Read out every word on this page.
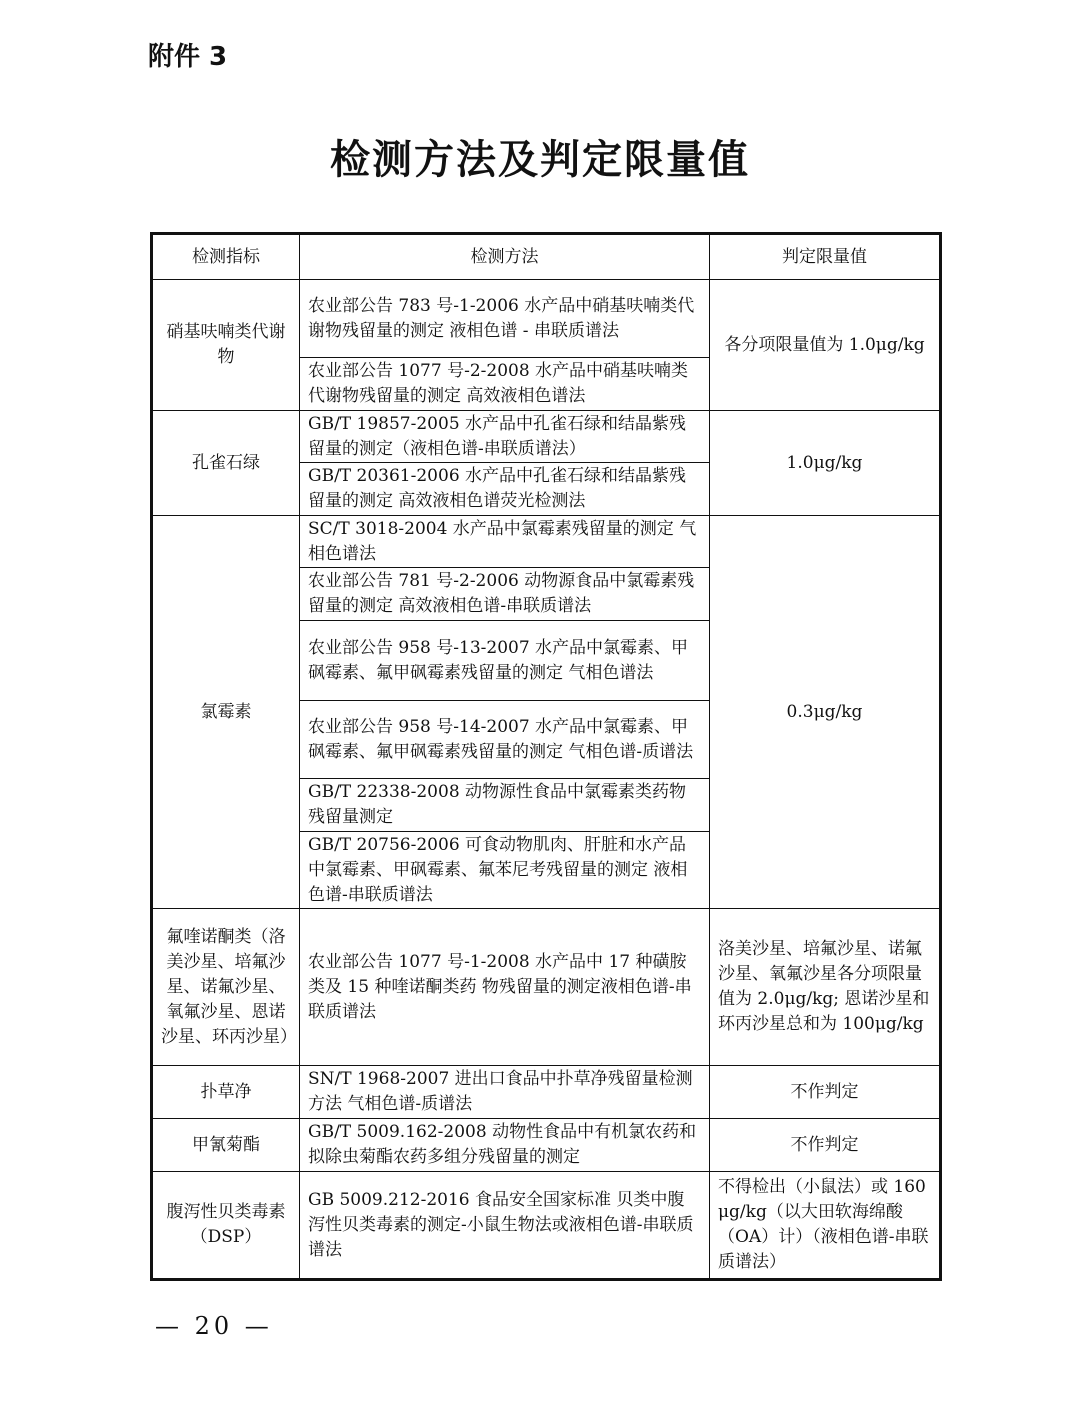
附件 3
检测方法及判定限量值
检测指标	检测方法	判定限量值
硝基呋喃类代谢物	农业部公告 783 号-1-2006 水产品中硝基呋喃类代谢物残留量的测定 液相色谱 - 串联质谱法	各分项限量值为 1.0μg/kg
	农业部公告 1077 号-2-2008 水产品中硝基呋喃类代谢物残留量的测定 高效液相色谱法	
孔雀石绿	GB/T 19857-2005 水产品中孔雀石绿和结晶紫残留量的测定（液相色谱-串联质谱法）	1.0μg/kg
	GB/T 20361-2006 水产品中孔雀石绿和结晶紫残留量的测定 高效液相色谱荧光检测法	
氯霉素	SC/T 3018-2004 水产品中氯霉素残留量的测定 气相色谱法	0.3μg/kg
	农业部公告 781 号-2-2006 动物源食品中氯霉素残留量的测定 高效液相色谱-串联质谱法	
	农业部公告 958 号-13-2007 水产品中氯霉素、甲砜霉素、氟甲砜霉素残留量的测定 气相色谱法	
	农业部公告 958 号-14-2007 水产品中氯霉素、甲砜霉素、氟甲砜霉素残留量的测定 气相色谱-质谱法	
	GB/T 22338-2008 动物源性食品中氯霉素类药物残留量测定	
	GB/T 20756-2006 可食动物肌肉、肝脏和水产品中氯霉素、甲砜霉素、氟苯尼考残留量的测定 液相色谱-串联质谱法	
氟喹诺酮类（洛美沙星、培氟沙星、诺氟沙星、氧氟沙星、恩诺沙星、环丙沙星）	农业部公告 1077 号-1-2008 水产品中 17 种磺胺类及 15 种喹诺酮类药 物残留量的测定液相色谱-串联质谱法	洛美沙星、培氟沙星、诺氟沙星、氧氟沙星各分项限量值为 2.0μg/kg; 恩诺沙星和环丙沙星总和为 100μg/kg
扑草净	SN/T 1968-2007 进出口食品中扑草净残留量检测方法 气相色谱-质谱法	不作判定
甲氰菊酯	GB/T 5009.162-2008 动物性食品中有机氯农药和拟除虫菊酯农药多组分残留量的测定	不作判定
腹泻性贝类毒素（DSP）	GB 5009.212-2016 食品安全国家标准 贝类中腹泻性贝类毒素的测定-小鼠生物法或液相色谱-串联质谱法	不得检出（小鼠法）或 160μg/kg（以大田软海绵酸（OA）计）（液相色谱-串联质谱法）
— 20 —
